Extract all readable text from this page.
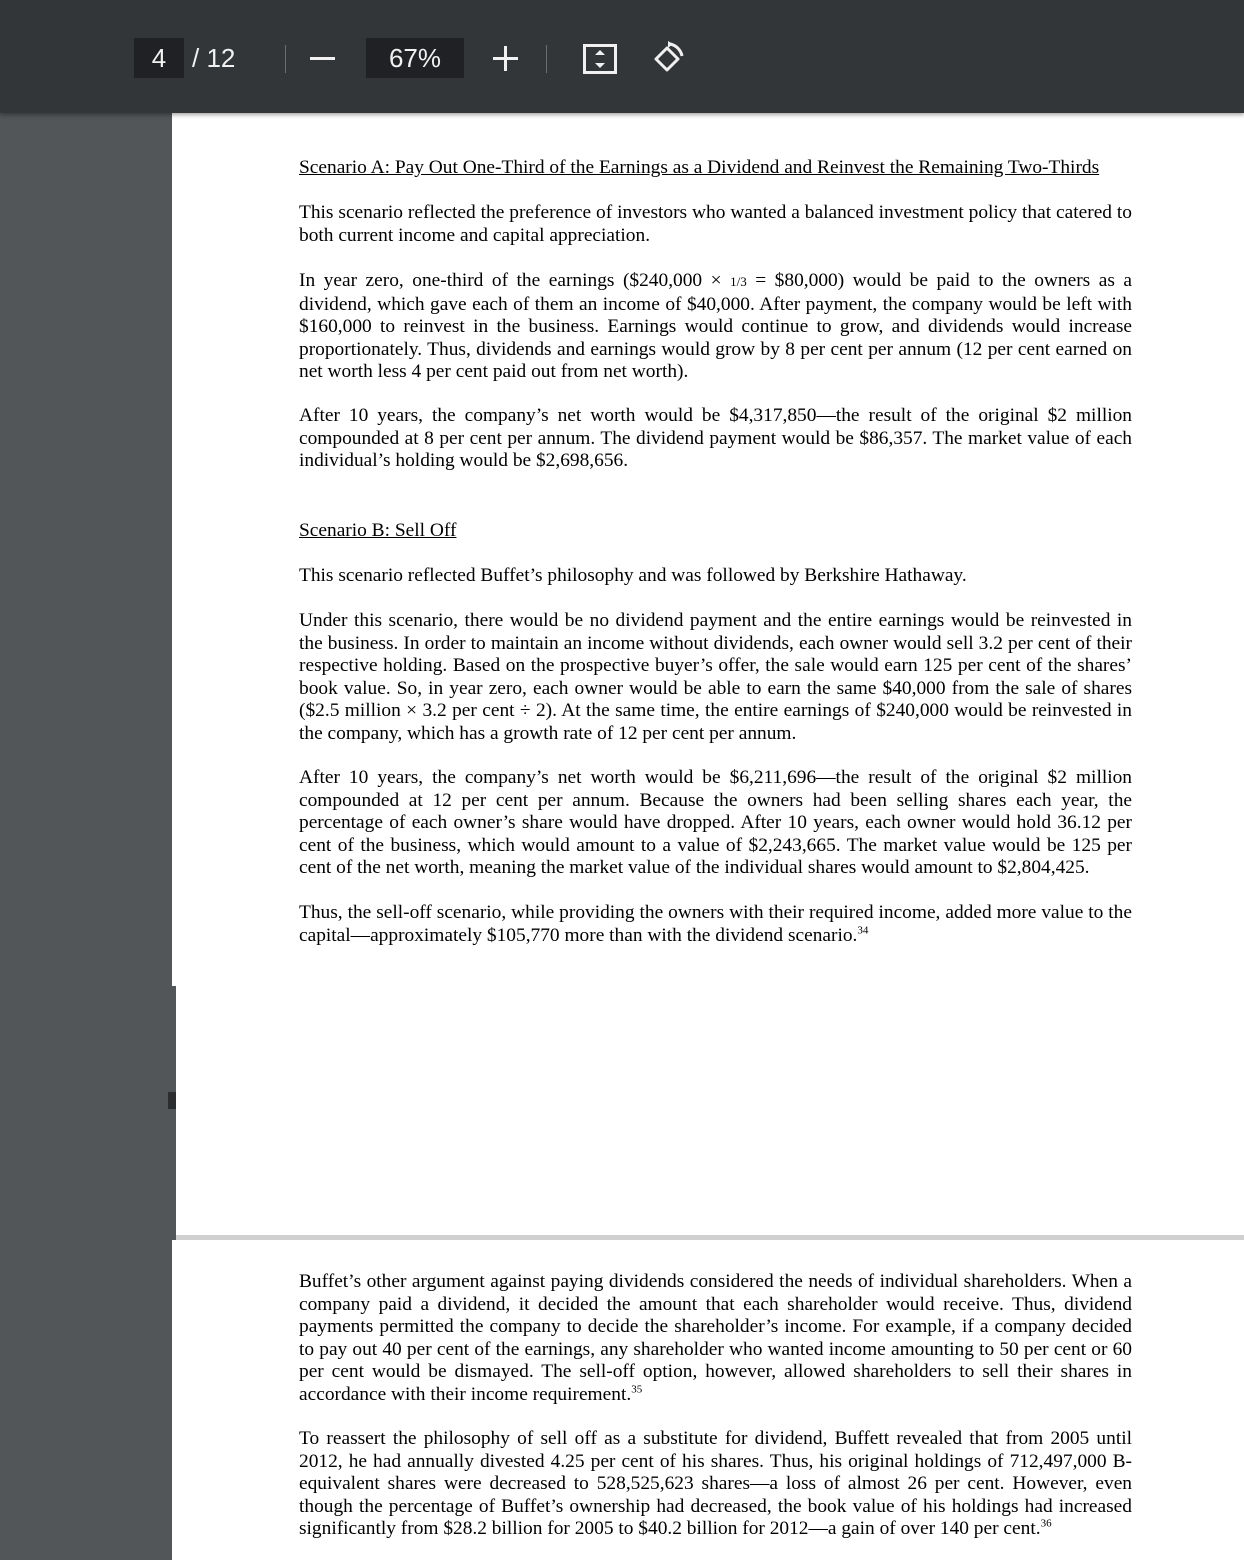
4 / 12	67%

Scenario A: Pay Out One-Third of the Earnings as a Dividend and Reinvest the Remaining Two-Thirds

This scenario reflected the preference of investors who wanted a balanced investment policy that catered to both current income and capital appreciation.

In year zero, one-third of the earnings ($240,000 × 1/3 = $80,000) would be paid to the owners as a dividend, which gave each of them an income of $40,000. After payment, the company would be left with $160,000 to reinvest in the business. Earnings would continue to grow, and dividends would increase proportionately. Thus, dividends and earnings would grow by 8 per cent per annum (12 per cent earned on net worth less 4 per cent paid out from net worth).

After 10 years, the company’s net worth would be $4,317,850—the result of the original $2 million compounded at 8 per cent per annum. The dividend payment would be $86,357. The market value of each individual’s holding would be $2,698,656.

Scenario B: Sell Off

This scenario reflected Buffet’s philosophy and was followed by Berkshire Hathaway.

Under this scenario, there would be no dividend payment and the entire earnings would be reinvested in the business. In order to maintain an income without dividends, each owner would sell 3.2 per cent of their respective holding. Based on the prospective buyer’s offer, the sale would earn 125 per cent of the shares’ book value. So, in year zero, each owner would be able to earn the same $40,000 from the sale of shares ($2.5 million × 3.2 per cent ÷ 2). At the same time, the entire earnings of $240,000 would be reinvested in the company, which has a growth rate of 12 per cent per annum.

After 10 years, the company’s net worth would be $6,211,696—the result of the original $2 million compounded at 12 per cent per annum. Because the owners had been selling shares each year, the percentage of each owner’s share would have dropped. After 10 years, each owner would hold 36.12 per cent of the business, which would amount to a value of $2,243,665. The market value would be 125 per cent of the net worth, meaning the market value of the individual shares would amount to $2,804,425.

Thus, the sell-off scenario, while providing the owners with their required income, added more value to the capital—approximately $105,770 more than with the dividend scenario.$^{34}$

Buffet’s other argument against paying dividends considered the needs of individual shareholders. When a company paid a dividend, it decided the amount that each shareholder would receive. Thus, dividend payments permitted the company to decide the shareholder’s income. For example, if a company decided to pay out 40 per cent of the earnings, any shareholder who wanted income amounting to 50 per cent or 60 per cent would be dismayed. The sell-off option, however, allowed shareholders to sell their shares in accordance with their income requirement.$^{35}$

To reassert the philosophy of sell off as a substitute for dividend, Buffett revealed that from 2005 until 2012, he had annually divested 4.25 per cent of his shares. Thus, his original holdings of 712,497,000 B-equivalent shares were decreased to 528,525,623 shares—a loss of almost 26 per cent. However, even though the percentage of Buffet’s ownership had decreased, the book value of his holdings had increased significantly from $28.2 billion for 2005 to $40.2 billion for 2012—a gain of over 140 per cent.$^{36}$
